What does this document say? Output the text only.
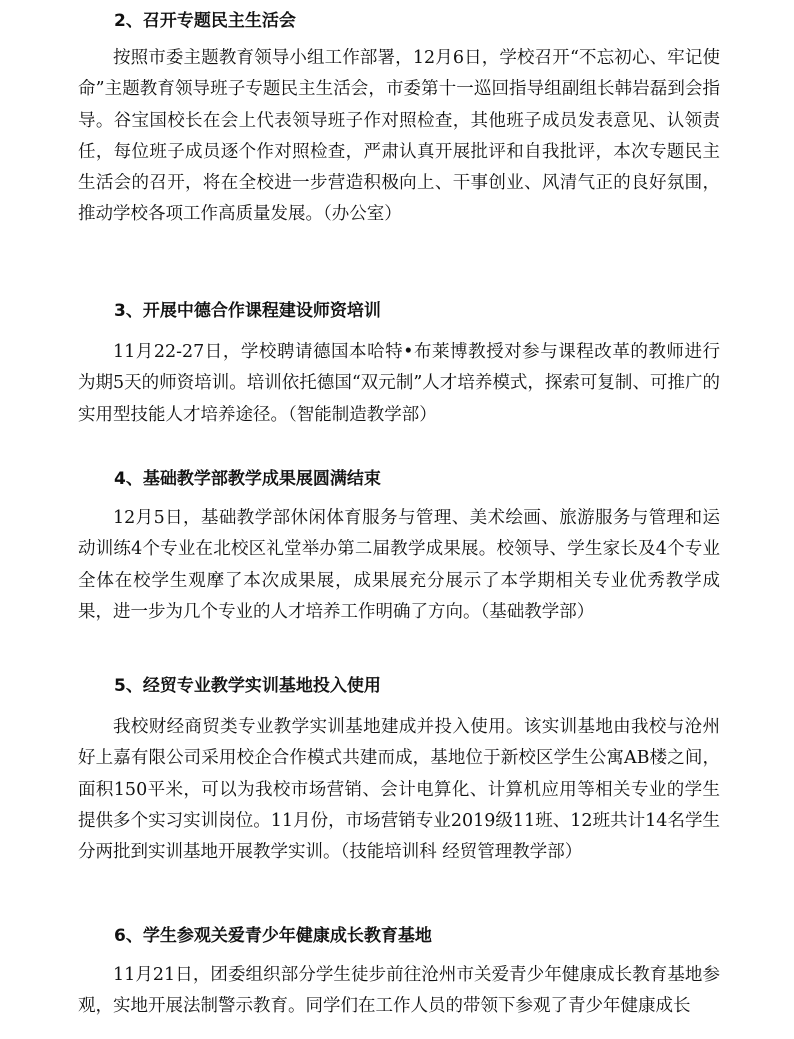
2、召开专题民主生活会

按照市委主题教育领导小组工作部署，12月6日，学校召开“不忘初心、牢记使命”主题教育领导班子专题民主生活会，市委第十一巡回指导组副组长韩岩磊到会指导。谷宝国校长在会上代表领导班子作对照检查，其他班子成员发表意见、认领责任，每位班子成员逐个作对照检查，严肃认真开展批评和自我批评，本次专题民主生活会的召开，将在全校进一步营造积极向上、干事创业、风清气正的良好氛围，推动学校各项工作高质量发展。（办公室）

3、开展中德合作课程建设师资培训

11月22-27日，学校聘请德国本哈特•布莱博教授对参与课程改革的教师进行为期5天的师资培训。培训依托德国“双元制”人才培养模式，探索可复制、可推广的实用型技能人才培养途径。（智能制造教学部）

4、基础教学部教学成果展圆满结束

12月5日，基础教学部休闲体育服务与管理、美术绘画、旅游服务与管理和运动训练4个专业在北校区礼堂举办第二届教学成果展。校领导、学生家长及4个专业全体在校学生观摩了本次成果展，成果展充分展示了本学期相关专业优秀教学成果，进一步为几个专业的人才培养工作明确了方向。（基础教学部）

5、经贸专业教学实训基地投入使用

我校财经商贸类专业教学实训基地建成并投入使用。该实训基地由我校与沧州好上嘉有限公司采用校企合作模式共建而成，基地位于新校区学生公寓AB楼之间，面积150平米，可以为我校市场营销、会计电算化、计算机应用等相关专业的学生提供多个实习实训岗位。11月份，市场营销专业2019级11班、12班共计14名学生分两批到实训基地开展教学实训。（技能培训科 经贸管理教学部）

6、学生参观关爱青少年健康成长教育基地

11月21日，团委组织部分学生徒步前往沧州市关爱青少年健康成长教育基地参观，实地开展法制警示教育。同学们在工作人员的带领下参观了青少年健康成长
